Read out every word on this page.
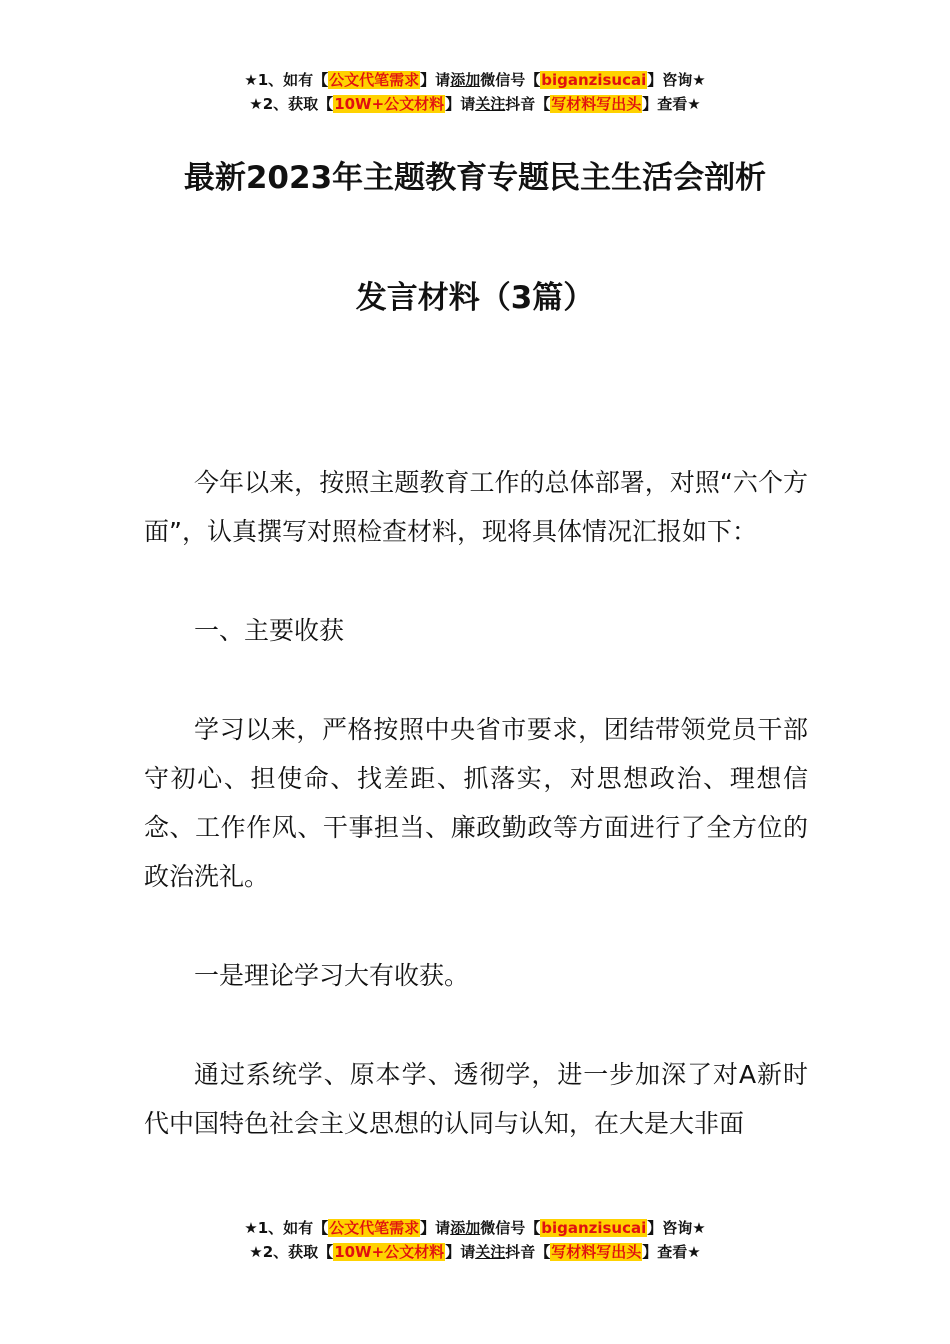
★1、如有【公文代笔需求】请添加微信号【biganzisucai】咨询★
★2、获取【10W+公文材料】请关注抖音【写材料写出头】查看★
最新2023年主题教育专题民主生活会剖析
发言材料（3篇）

今年以来，按照主题教育工作的总体部署，对照“六个方面”，认真撰写对照检查材料，现将具体情况汇报如下：

一、主要收获

学习以来，严格按照中央省市要求，团结带领党员干部守初心、担使命、找差距、抓落实，对思想政治、理想信念、工作作风、干事担当、廉政勤政等方面进行了全方位的政治洗礼。

一是理论学习大有收获。

通过系统学、原本学、透彻学，进一步加深了对A新时代中国特色社会主义思想的认同与认知，在大是大非面

★1、如有【公文代笔需求】请添加微信号【biganzisucai】咨询★
★2、获取【10W+公文材料】请关注抖音【写材料写出头】查看★
